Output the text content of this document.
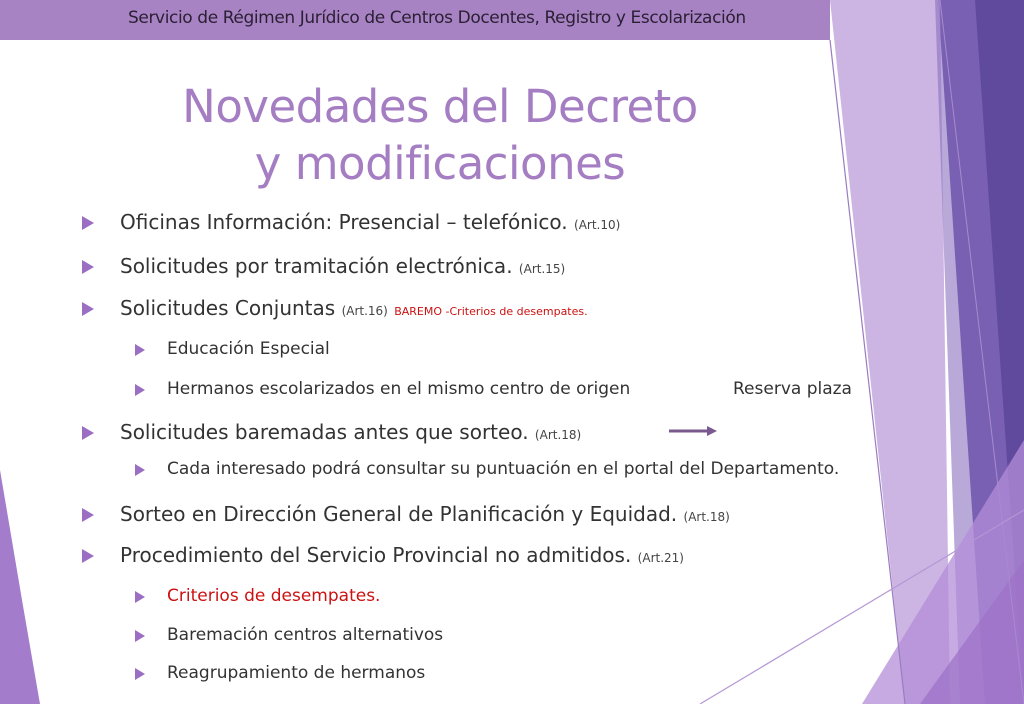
Servicio de Régimen Jurídico de Centros Docentes, Registro y Escolarización
Novedades del Decreto
y modificaciones
Oficinas Información: Presencial – telefónico. (Art.10)
Solicitudes por tramitación electrónica. (Art.15)
Solicitudes Conjuntas (Art.16) BAREMO -Criterios de desempates.
Educación Especial
Hermanos escolarizados en el mismo centro de origen	Reserva plaza
Solicitudes baremadas antes que sorteo. (Art.18)
Cada interesado podrá consultar su puntuación en el portal del Departamento.
Sorteo en Dirección General de Planificación y Equidad. (Art.18)
Procedimiento del Servicio Provincial no admitidos. (Art.21)
Criterios de desempates.
Baremación centros alternativos
Reagrupamiento de hermanos
